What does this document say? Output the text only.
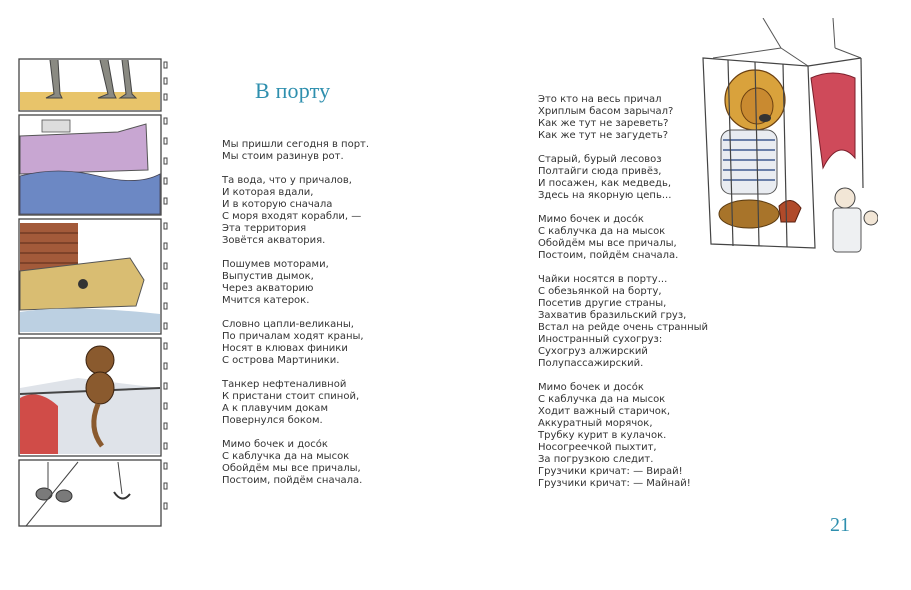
В порту
Мы пришли сегодня в порт.
Мы стоим разинув рот.
Та вода, что у причалов,
И которая вдали,
И в которую сначала
С моря входят корабли, —
Эта территория
Зовётся акватория.
Пошумев моторами,
Выпустив дымок,
Через акваторию
Мчится катерок.
Словно цапли-великаны,
По причалам ходят краны,
Носят в клювах финики
С острова Мартиники.
Танкер нефтеналивной
К пристани стоит спиной,
А к плавучим докам
Повернулся боком.
Мимо бочек и досо́к
С каблучка да на мысок
Обойдём мы все причалы,
Постоим, пойдём сначала.
Это кто на весь причал
Хриплым басом зарычал?
Как же тут не зареветь?
Как же тут не загудеть?
Старый, бурый лесовоз
Полтайги сюда привёз,
И посажен, как медведь,
Здесь на якорную цепь...
Мимо бочек и досо́к
С каблучка да на мысок
Обойдём мы все причалы,
Постоим, пойдём сначала.
Чайки носятся в порту...
С обезьянкой на борту,
Посетив другие страны,
Захватив бразильский груз,
Встал на рейде очень странный
Иностранный сухогруз:
Сухогруз алжирский
Полупассажирский.
Мимо бочек и досо́к
С каблучка да на мысок
Ходит важный старичок,
Аккуратный морячок,
Трубку курит в кулачок.
Носогреечкой пыхтит,
За погрузкою следит.
Грузчики кричат: — Вирай!
Грузчики кричат: — Майнай!
21
